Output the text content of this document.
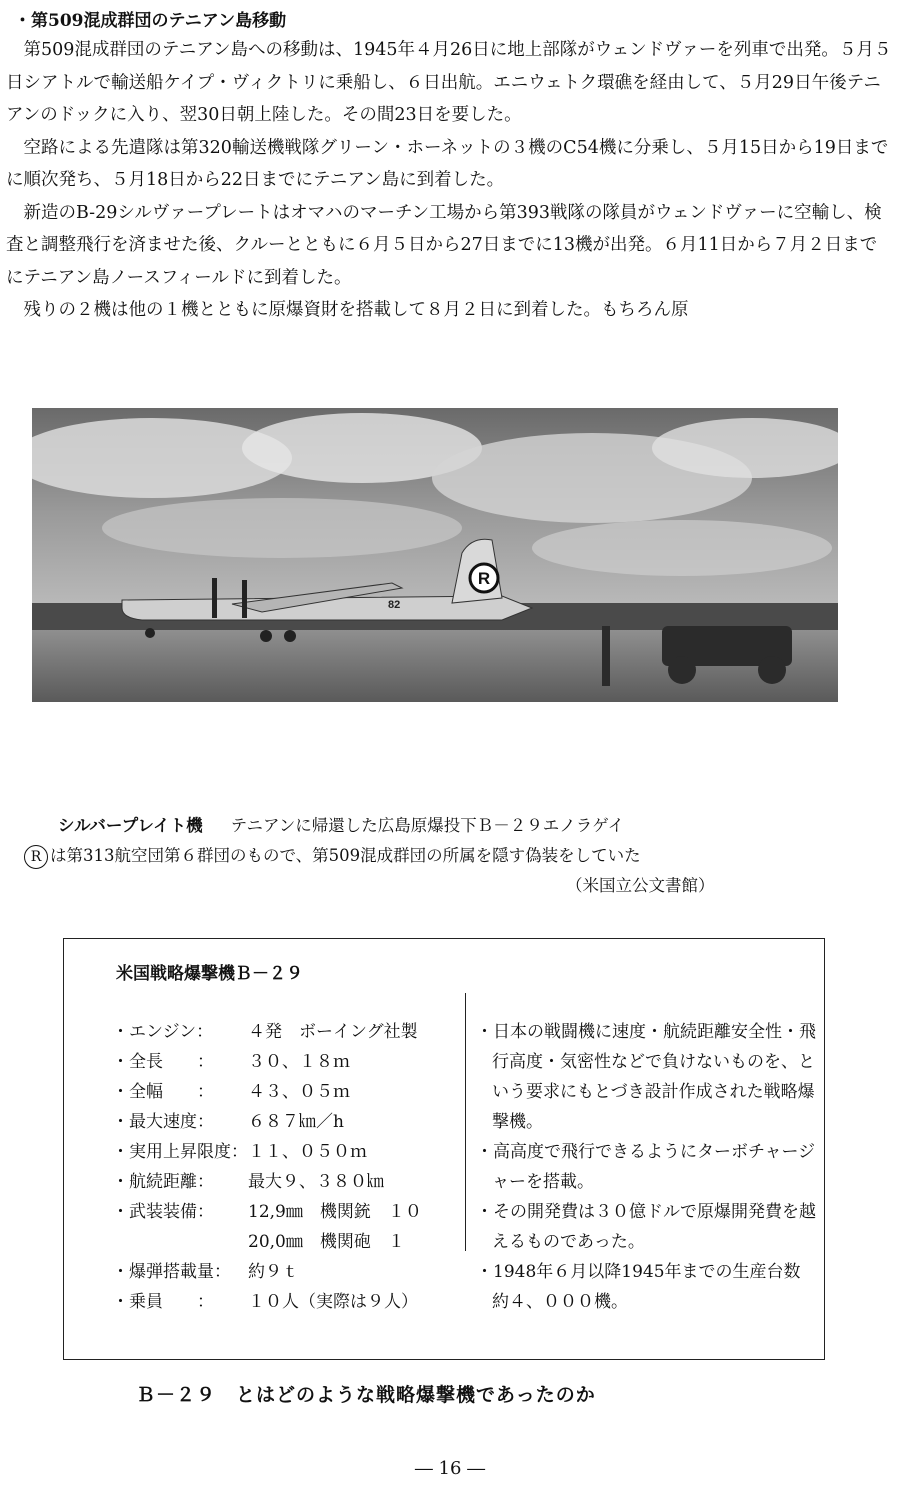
・第509混成群団のテニアン島移動

第509混成群団のテニアン島への移動は、1945年４月26日に地上部隊がウェンドヴァーを列車で出発。５月５日シアトルで輸送船ケイプ・ヴィクトリに乗船し、６日出航。エニウェトク環礁を経由して、５月29日午後テニアンのドックに入り、翌30日朝上陸した。その間23日を要した。

空路による先遣隊は第320輸送機戦隊グリーン・ホーネットの３機のC54機に分乗し、５月15日から19日までに順次発ち、５月18日から22日までにテニアン島に到着した。

新造のB-29シルヴァープレートはオマハのマーチン工場から第393戦隊の隊員がウェンドヴァーに空輸し、検査と調整飛行を済ませた後、クルーとともに６月５日から27日までに13機が出発。６月11日から７月２日までにテニアン島ノースフィールドに到着した。

残りの２機は他の１機とともに原爆資財を搭載して８月２日に到着した。もちろん原

R
82
シルバープレイト機 テニアンに帰還した広島原爆投下Ｂ－２９エノラゲイ
R は第313航空団第６群団のもので、第509混成群団の所属を隠す偽装をしていた
（米国立公文書館）
米国戦略爆撃機Ｂ－２９
・エンジン： ４発　ボーイング社製
・全長　　： ３０、１８ｍ
・全幅　　： ４３、０５ｍ
・最大速度： ６８７㎞／h
・実用上昇限度：１１、０５０ｍ
・航続距離： 最大９、３８０㎞
・武装装備： 12,9㎜　機関銃　１０
20,0㎜　機関砲　１
・爆弾搭載量： 約９ｔ
・乗員　　： １０人（実際は９人）
・日本の戦闘機に速度・航続距離安全性・飛行高度・気密性などで負けないものを、という要求にもとづき設計作成された戦略爆撃機。
・高高度で飛行できるようにターボチャージャーを搭載。
・その開発費は３０億ドルで原爆開発費を越えるものであった。
・1948年６月以降1945年までの生産台数約４、０００機。
Ｂ－２９　とはどのような戦略爆撃機であったのか
― 16 ―
